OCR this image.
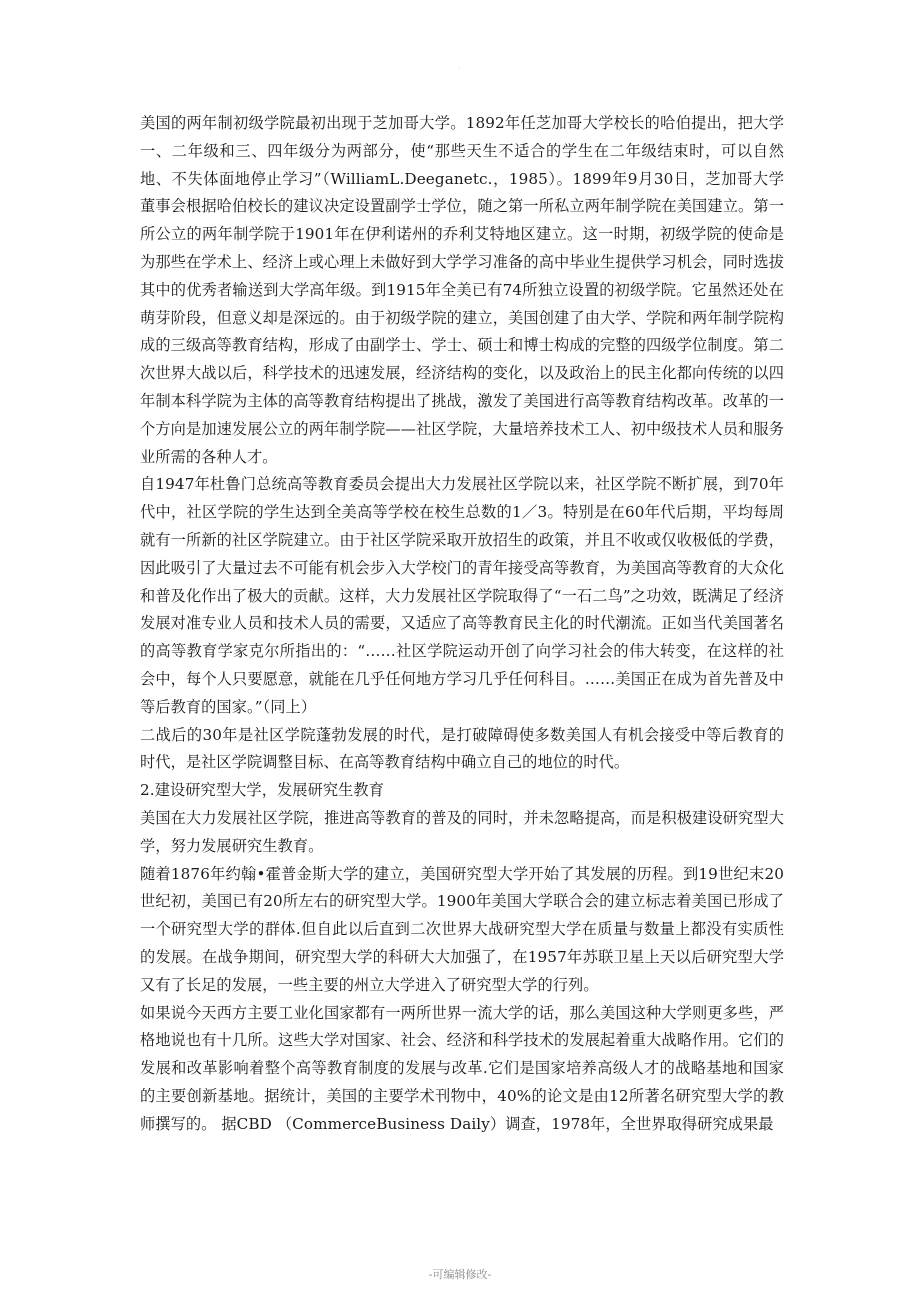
·

美国的两年制初级学院最初出现于芝加哥大学。1892年任芝加哥大学校长的哈伯提出，把大学一、二年级和三、四年级分为两部分，使“那些天生不适合的学生在二年级结束时，可以自然地、不失体面地停止学习”（WilliamL.Deeganetc.，1985）。1899年9月30日，芝加哥大学董事会根据哈伯校长的建议决定设置副学士学位，随之第一所私立两年制学院在美国建立。第一所公立的两年制学院于1901年在伊利诺州的乔利艾特地区建立。这一时期，初级学院的使命是为那些在学术上、经济上或心理上未做好到大学学习准备的高中毕业生提供学习机会，同时选拔其中的优秀者输送到大学高年级。到1915年全美已有74所独立设置的初级学院。它虽然还处在萌芽阶段，但意义却是深远的。由于初级学院的建立，美国创建了由大学、学院和两年制学院构成的三级高等教育结构，形成了由副学士、学士、硕士和博士构成的完整的四级学位制度。第二次世界大战以后，科学技术的迅速发展，经济结构的变化，以及政治上的民主化都向传统的以四年制本科学院为主体的高等教育结构提出了挑战，激发了美国进行高等教育结构改革。改革的一个方向是加速发展公立的两年制学院——社区学院，大量培养技术工人、初中级技术人员和服务业所需的各种人才。

自1947年杜鲁门总统高等教育委员会提出大力发展社区学院以来，社区学院不断扩展，到70年代中，社区学院的学生达到全美高等学校在校生总数的1／3。特别是在60年代后期，平均每周就有一所新的社区学院建立。由于社区学院采取开放招生的政策，并且不收或仅收极低的学费，因此吸引了大量过去不可能有机会步入大学校门的青年接受高等教育，为美国高等教育的大众化和普及化作出了极大的贡献。这样，大力发展社区学院取得了“一石二鸟”之功效，既满足了经济发展对准专业人员和技术人员的需要，又适应了高等教育民主化的时代潮流。正如当代美国著名的高等教育学家克尔所指出的：“……社区学院运动开创了向学习社会的伟大转变，在这样的社会中，每个人只要愿意，就能在几乎任何地方学习几乎任何科目。……美国正在成为首先普及中等后教育的国家。”（同上）

二战后的30年是社区学院蓬勃发展的时代，是打破障碍使多数美国人有机会接受中等后教育的时代，是社区学院调整目标、在高等教育结构中确立自己的地位的时代。

2.建设研究型大学，发展研究生教育

美国在大力发展社区学院，推进高等教育的普及的同时，并未忽略提高，而是积极建设研究型大学，努力发展研究生教育。

随着1876年约翰•霍普金斯大学的建立，美国研究型大学开始了其发展的历程。到19世纪末20世纪初，美国已有20所左右的研究型大学。1900年美国大学联合会的建立标志着美国已形成了一个研究型大学的群体.但自此以后直到二次世界大战研究型大学在质量与数量上都没有实质性的发展。在战争期间，研究型大学的科研大大加强了，在1957年苏联卫星上天以后研究型大学又有了长足的发展，一些主要的州立大学进入了研究型大学的行列。

如果说今天西方主要工业化国家都有一两所世界一流大学的话，那么美国这种大学则更多些，严格地说也有十几所。这些大学对国家、社会、经济和科学技术的发展起着重大战略作用。它们的发展和改革影响着整个高等教育制度的发展与改革.它们是国家培养高级人才的战略基地和国家的主要创新基地。据统计，美国的主要学术刊物中，40%的论文是由12所著名研究型大学的教师撰写的。 据CBD （CommerceBusiness Daily）调查，1978年，全世界取得研究成果最

-可编辑修改-
